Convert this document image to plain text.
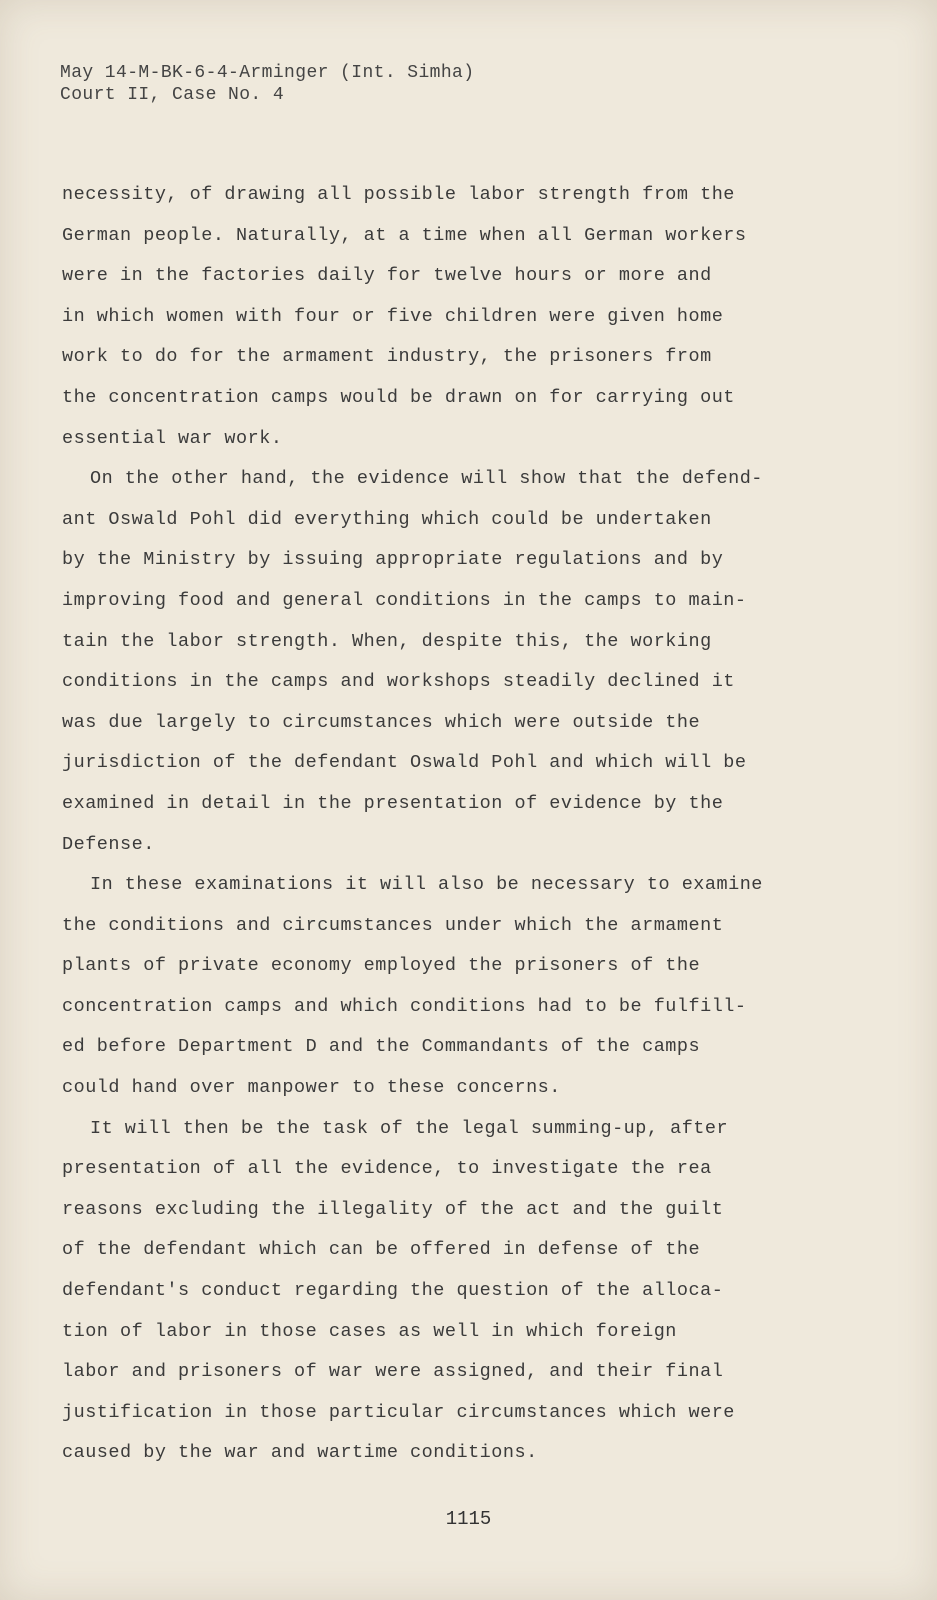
May 14-M-BK-6-4-Arminger (Int. Simha)
Court II, Case No. 4
necessity, of drawing all possible labor strength from the
German people. Naturally, at a time when all German workers
were in the factories daily for twelve hours or more and
in which women with four or five children were given home
work to do for the armament industry, the prisoners from
the concentration camps would be drawn on for carrying out
essential war work.
On the other hand, the evidence will show that the defend-
ant Oswald Pohl did everything which could be undertaken
by the Ministry by issuing appropriate regulations and by
improving food and general conditions in the camps to main-
tain the labor strength. When, despite this, the working
conditions in the camps and workshops steadily declined it
was due largely to circumstances which were outside the
jurisdiction of the defendant Oswald Pohl and which will be
examined in detail in the presentation of evidence by the
Defense.
In these examinations it will also be necessary to examine
the conditions and circumstances under which the armament
plants of private economy employed the prisoners of the
concentration camps and which conditions had to be fulfill-
ed before Department D and the Commandants of the camps
could hand over manpower to these concerns.
It will then be the task of the legal summing-up, after
presentation of all the evidence, to investigate the rea
reasons excluding the illegality of the act and the guilt
of the defendant which can be offered in defense of the
defendant's conduct regarding the question of the alloca-
tion of labor in those cases as well in which foreign
labor and prisoners of war were assigned, and their final
justification in those particular circumstances which were
caused by the war and wartime conditions.
1115
